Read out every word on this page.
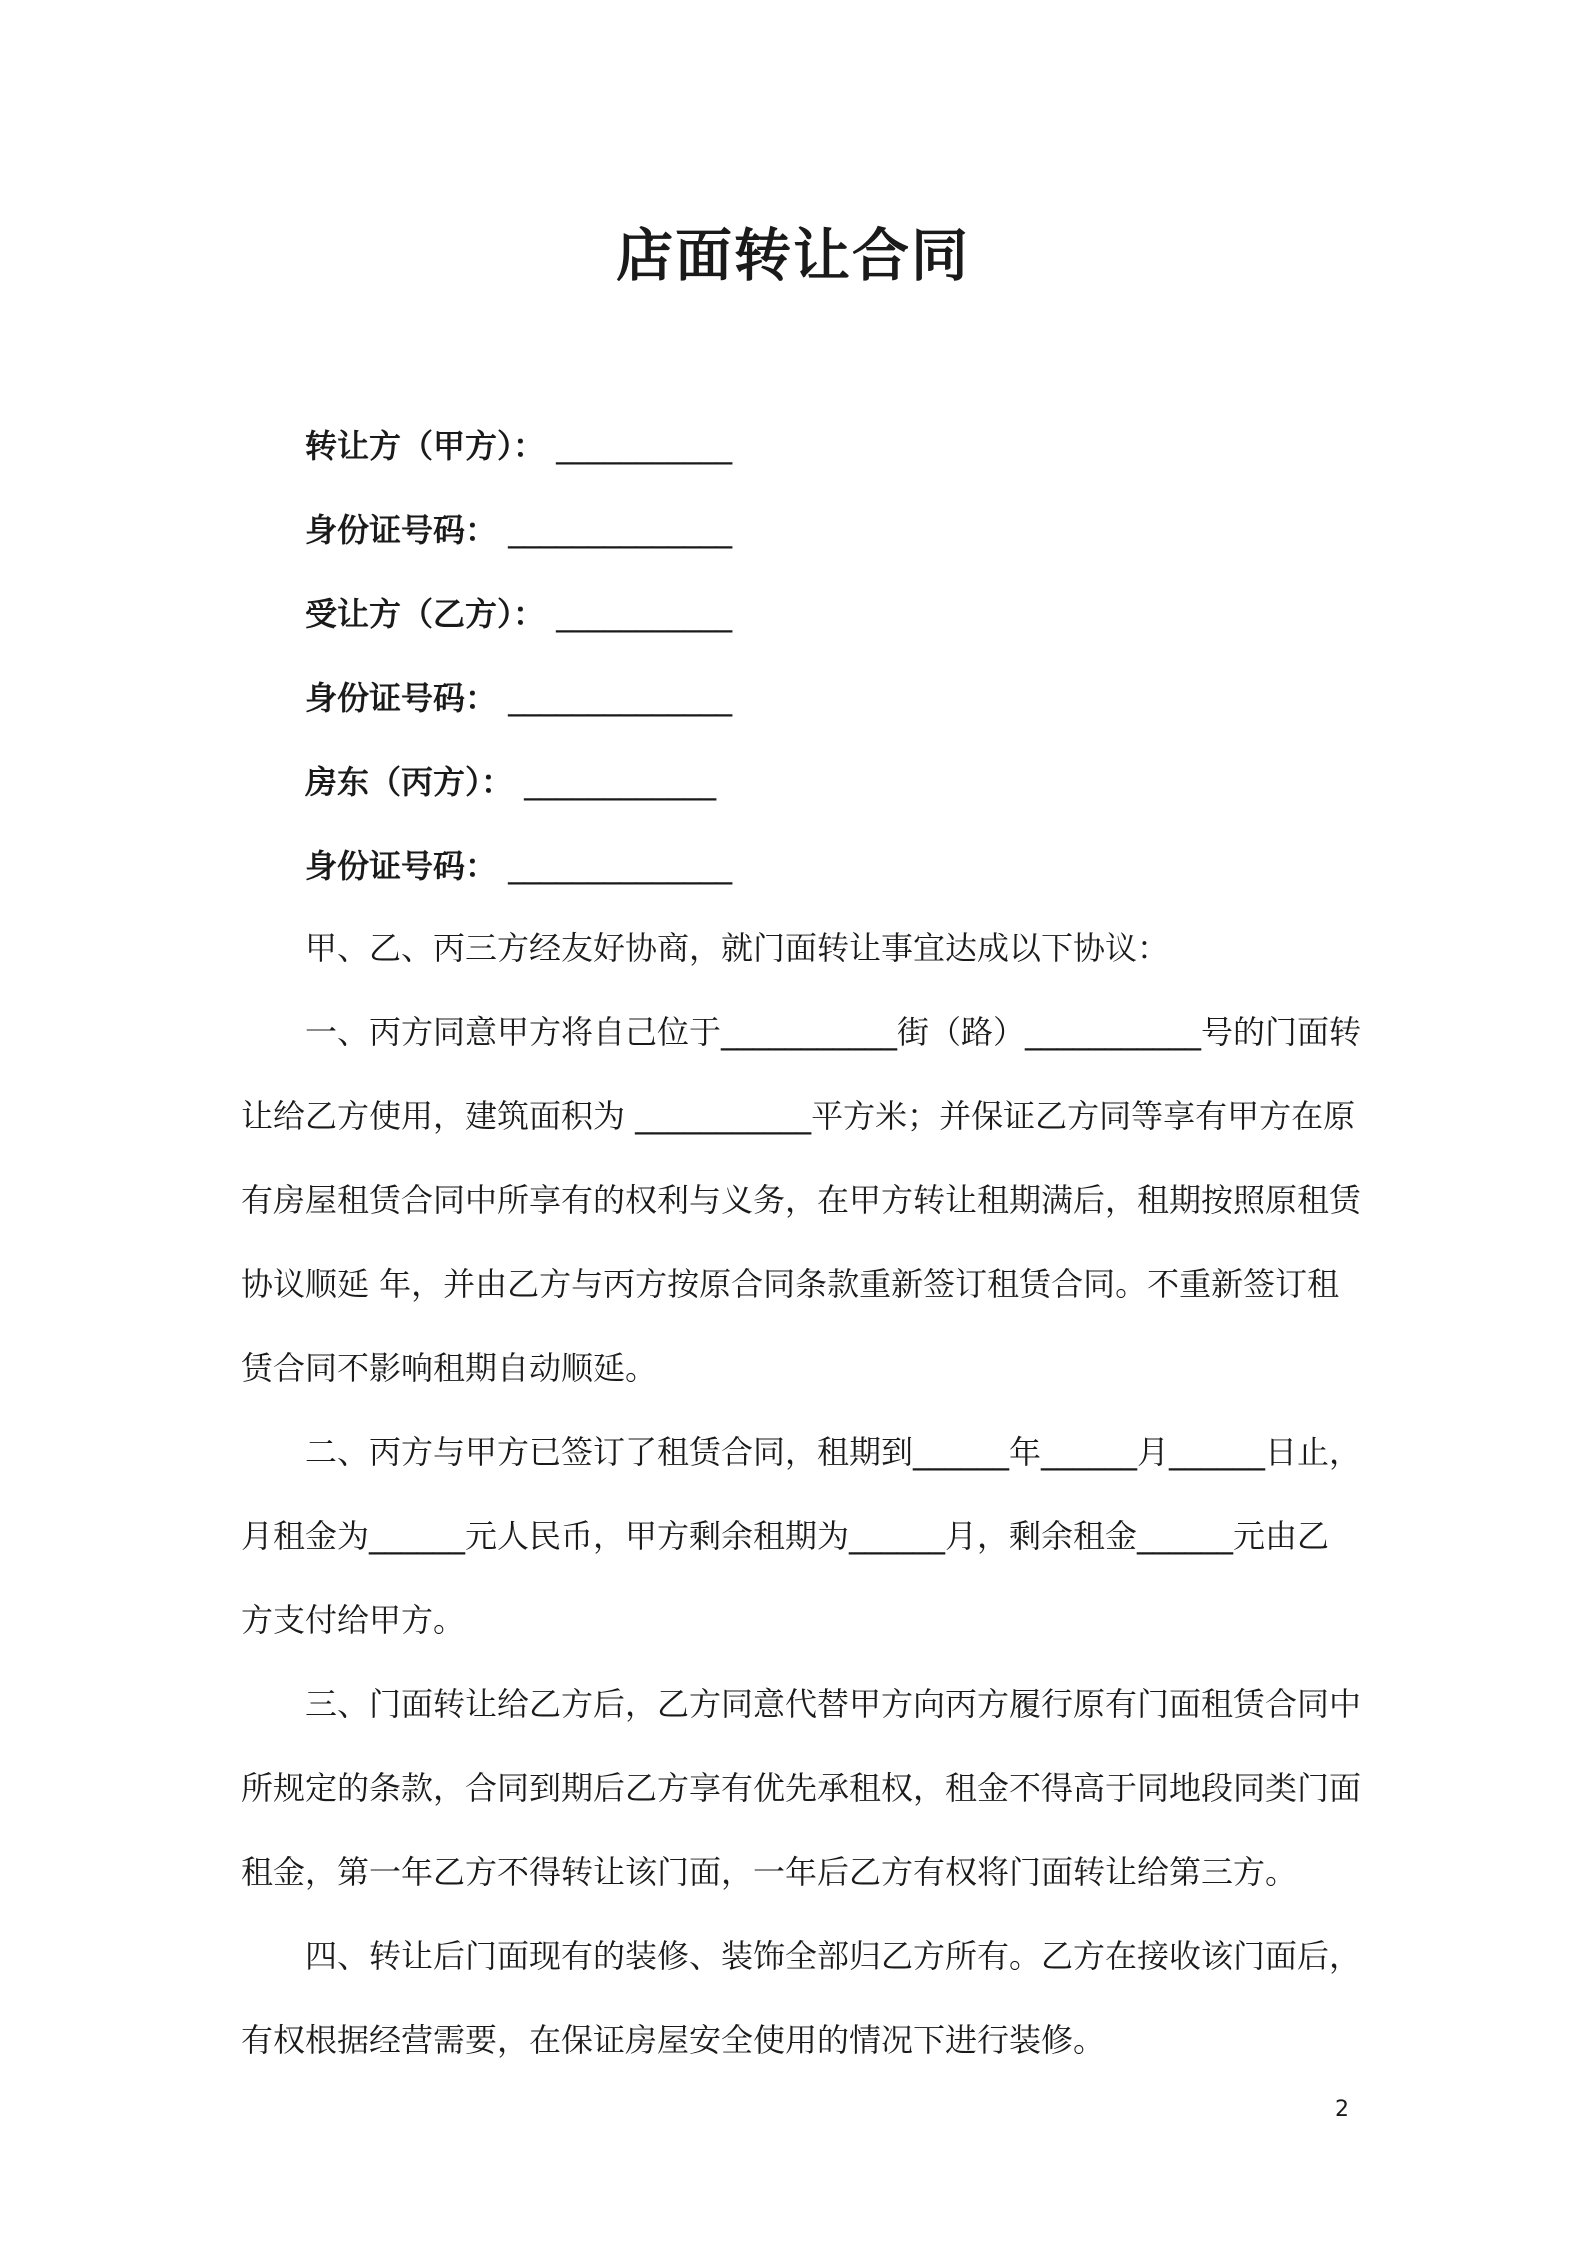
店面转让合同
转让方（甲方）： ___________
身份证号码： ______________
受让方（乙方）： ___________
身份证号码： ______________
房东（丙方）： ____________
身份证号码： ______________
甲、乙、丙三方经友好协商，就门面转让事宜达成以下协议：
一、丙方同意甲方将自己位于___________街（路）___________号的门面转
让给乙方使用，建筑面积为 ___________平方米；并保证乙方同等享有甲方在原
有房屋租赁合同中所享有的权利与义务，在甲方转让租期满后，租期按照原租赁
协议顺延 年，并由乙方与丙方按原合同条款重新签订租赁合同。不重新签订租
赁合同不影响租期自动顺延。
二、丙方与甲方已签订了租赁合同，租期到______年______月______日止，
月租金为______元人民币，甲方剩余租期为______月，剩余租金______元由乙
方支付给甲方。
三、门面转让给乙方后，乙方同意代替甲方向丙方履行原有门面租赁合同中
所规定的条款，合同到期后乙方享有优先承租权，租金不得高于同地段同类门面
租金，第一年乙方不得转让该门面，一年后乙方有权将门面转让给第三方。
四、转让后门面现有的装修、装饰全部归乙方所有。乙方在接收该门面后，
有权根据经营需要，在保证房屋安全使用的情况下进行装修。
2
